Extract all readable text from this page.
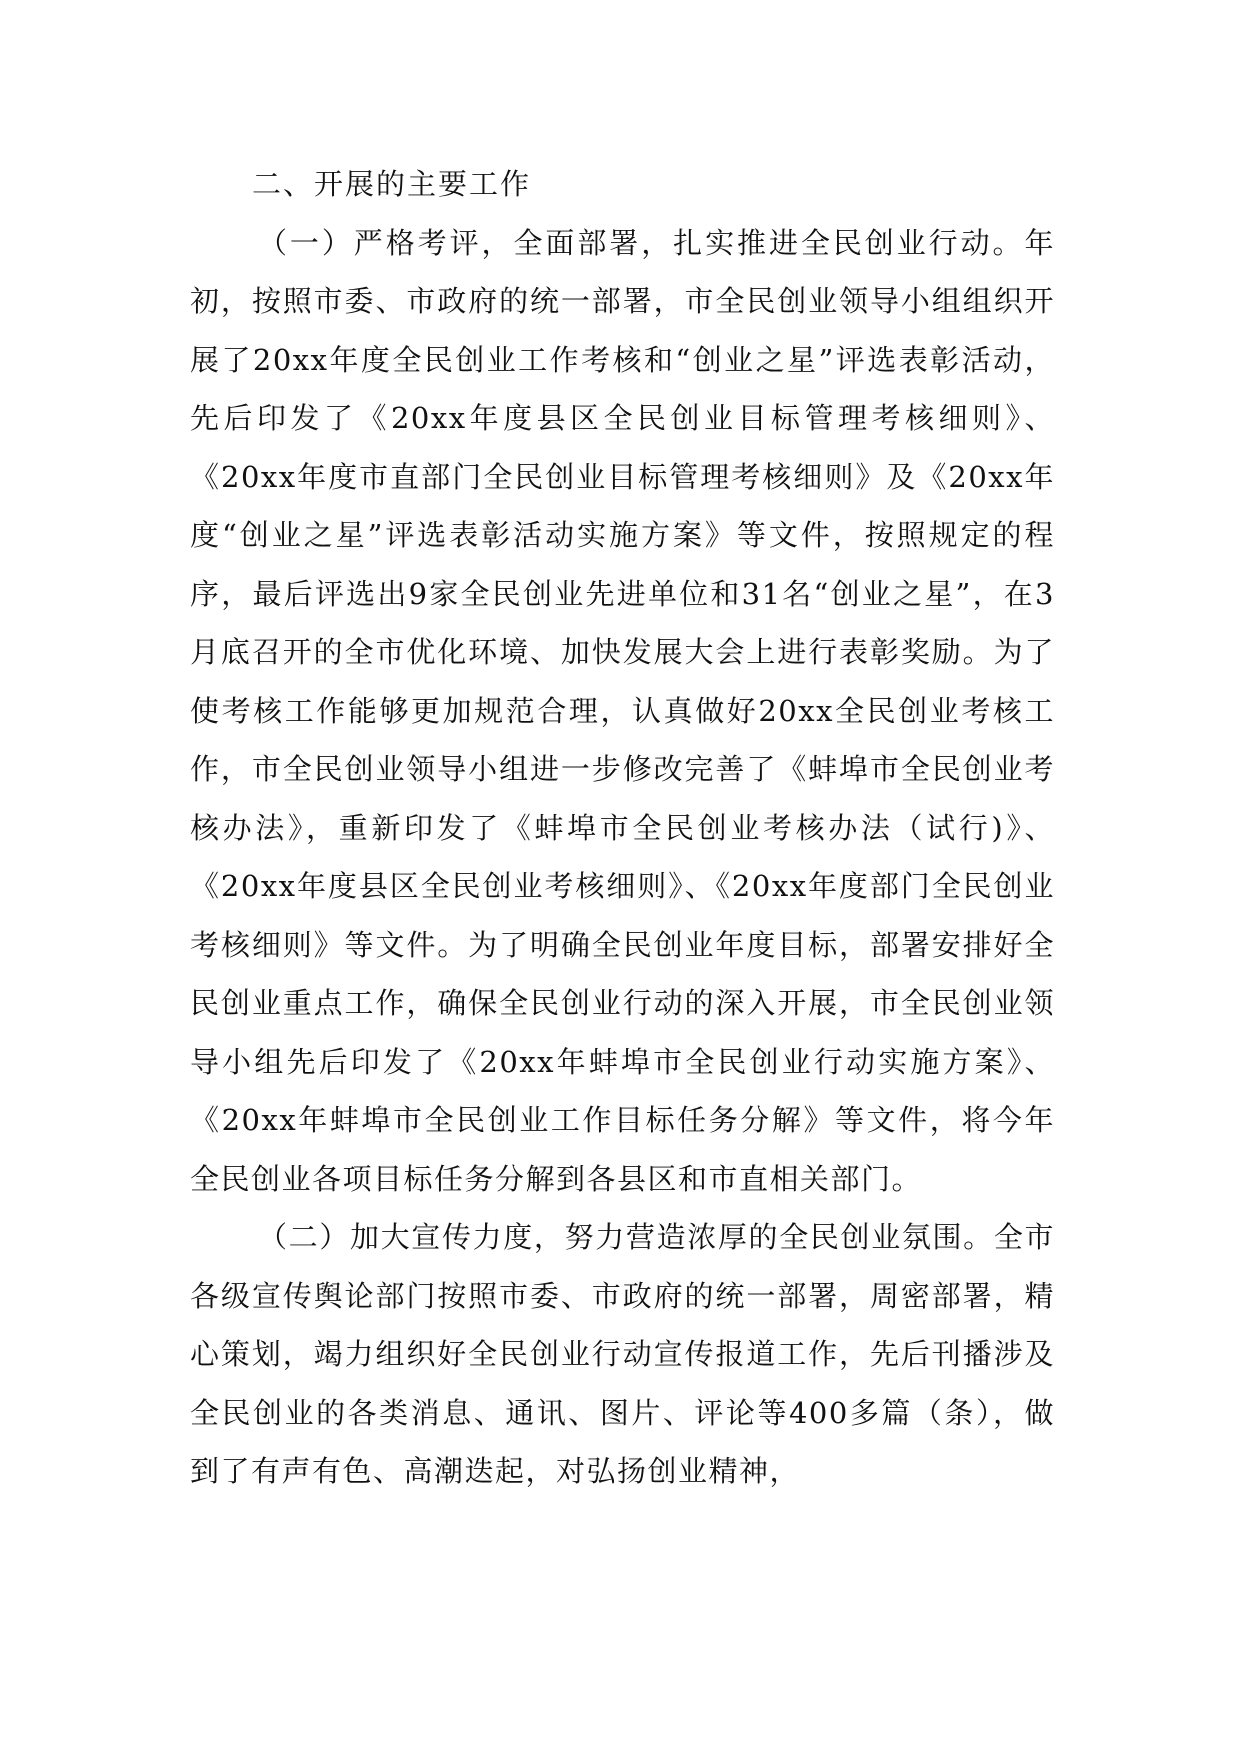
二、开展的主要工作

（一）严格考评，全面部署，扎实推进全民创业行动。年初，按照市委、市政府的统一部署，市全民创业领导小组组织开展了20xx年度全民创业工作考核和“创业之星”评选表彰活动，先后印发了《20xx年度县区全民创业目标管理考核细则》、《20xx年度市直部门全民创业目标管理考核细则》及《20xx年度“创业之星”评选表彰活动实施方案》等文件，按照规定的程序，最后评选出9家全民创业先进单位和31名“创业之星”，在3月底召开的全市优化环境、加快发展大会上进行表彰奖励。为了使考核工作能够更加规范合理，认真做好20xx全民创业考核工作，市全民创业领导小组进一步修改完善了《蚌埠市全民创业考核办法》，重新印发了《蚌埠市全民创业考核办法（试行)》、《20xx年度县区全民创业考核细则》、《20xx年度部门全民创业考核细则》等文件。为了明确全民创业年度目标，部署安排好全民创业重点工作，确保全民创业行动的深入开展，市全民创业领导小组先后印发了《20xx年蚌埠市全民创业行动实施方案》、《20xx年蚌埠市全民创业工作目标任务分解》等文件，将今年全民创业各项目标任务分解到各县区和市直相关部门。

（二）加大宣传力度，努力营造浓厚的全民创业氛围。全市各级宣传舆论部门按照市委、市政府的统一部署，周密部署，精心策划，竭力组织好全民创业行动宣传报道工作，先后刊播涉及全民创业的各类消息、通讯、图片、评论等400多篇（条），做到了有声有色、高潮迭起，对弘扬创业精神，
